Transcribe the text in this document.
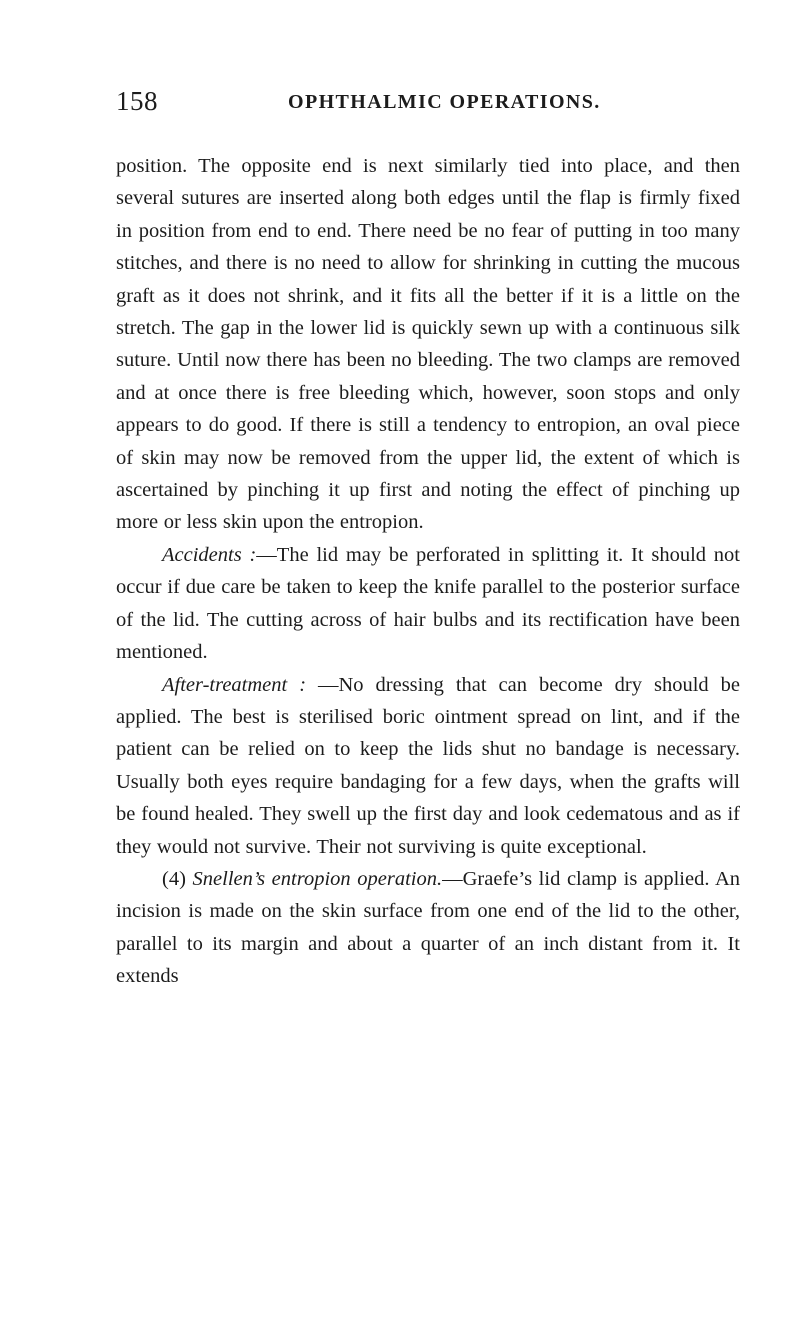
158	OPHTHALMIC OPERATIONS.

position. The opposite end is next similarly tied into place, and then several sutures are inserted along both edges until the flap is firmly fixed in position from end to end. There need be no fear of putting in too many stitches, and there is no need to allow for shrinking in cutting the mucous graft as it does not shrink, and it fits all the better if it is a little on the stretch. The gap in the lower lid is quickly sewn up with a continuous silk suture. Until now there has been no bleeding. The two clamps are removed and at once there is free bleeding which, however, soon stops and only appears to do good. If there is still a tendency to entropion, an oval piece of skin may now be removed from the upper lid, the extent of which is ascertained by pinching it up first and noting the effect of pinching up more or less skin upon the entropion.

Accidents :—The lid may be perforated in splitting it. It should not occur if due care be taken to keep the knife parallel to the posterior surface of the lid. The cutting across of hair bulbs and its rectification have been mentioned.

After-treatment : —No dressing that can become dry should be applied. The best is sterilised boric ointment spread on lint, and if the patient can be relied on to keep the lids shut no bandage is necessary. Usually both eyes require bandaging for a few days, when the grafts will be found healed. They swell up the first day and look cedematous and as if they would not survive. Their not surviving is quite exceptional.

(4) Snellen’s entropion operation.—Graefe’s lid clamp is applied. An incision is made on the skin surface from one end of the lid to the other, parallel to its margin and about a quarter of an inch distant from it. It extends
